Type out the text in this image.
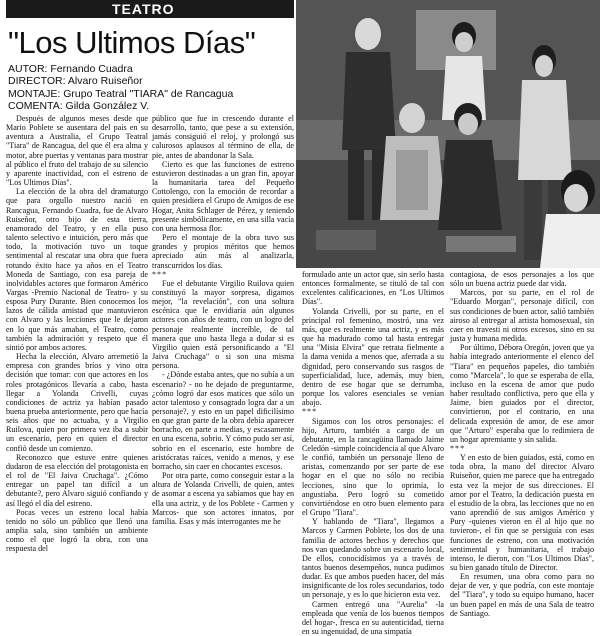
TEATRO
"Los Ultimos Días"
AUTOR: Fernando Cuadra
DIRECTOR: Alvaro Ruiseñor
MONTAJE: Grupo Teatral "TIARA" de Rancagua
COMENTA: Gilda González V.

Después de algunos meses desde que Mario Poblete se ausentara del país en su aventura a Australia, el Grupo Teatral "Tiara" de Rancagua, del que él era alma y motor, abre puertas y ventanas para mostrar al público el fruto del trabajo de su silencio y aparente inactividad, con el estreno de "Los Ultimos Días".

La elección de la obra del dramaturgo que para orgullo nuestro nació en Rancagua, Fernando Cuadra, fue de Alvaro Ruiseñor, otro bijo de esta tierra, enamorado del Teatro, y en ella puso talento selectivo e intuición, pero más que todo, la motivación tuvo un toque sentimental al rescatar una obra que fuera rotundo éxito hace ya años en el Teatro Moneda de Santiago, con esa pareja de inolvidables actores que formaron Américo Vargas -Premio Nacional de Teatro- y su esposa Pury Durante. Bien conocemos los lazos de cálida amistad que mantuvieron con Alvaro y las lecciones que le dejaron en lo que más amaban, el Teatro, como también la admiración y respeto que él sintió por ambos actores.

Hecha la elección, Alvaro arremetió la empresa con grandes bríos y vino otra decisión que tomar: con que actores en los roles protagónicos llevaría a cabo, hasta llegar a Yolanda Crivelli, cuyas condiciones de actriz ya habían pasado buena prueba anteriormente, pero que hacía seis años que no actuaba, y a Virgilio Ruilova, quien por primera vez iba a subir un escenario, pero en quien el director confió desde un comienzo.

Reconozco que estuve entre quienes dudaron de esa elección del protagonista en el rol de "El Jaiva Cruchaga". ¿Cómo entregar un papel tan difícil a un debutante?, pero Alvaro siguió confiando y así llegó el día del estreno.

Pocas veces un estreno local había tenido no sólo un público que llenó una amplia sala, sino también un ambiente como el que logró la obra, con una respuesta del

público que fue in crescendo durante el desarrollo, tanto, que pese a su extensión, jamás consiguió el reloj, y prolongó sus calurosos aplausos al término de ella, de pie, antes de abandonar la Sala.

Cierto es que las funciones de estreno estuvieron destinadas a un gran fin, apoyar la humanitaria tarea del Pequeño Cottolengo, con la emoción de recordar a quien presidiera el Grupo de Amigos de ese Hogar, Anita Schlager de Pérez, y teniendo presente simbólicamente, en una silla vacía con una hermosa flor.

Pero el montaje de la obra tuvo sus grandes y propios méritos que hemos apreciado aún más al analizarla, transcurridos los días.

***

Fue el debutante Virgilio Ruilova quien constituyó la mayor sorpresa, digamos mejor, "la revelación", con una soltura escénica que le envidiaría aún algunos actores con años de teatro, con un logro del personaje realmente increíble, de tal manera que uno hasta llega a dudar si es Virgilio quien está personificando a "El Jaiva Cruchaga" o si son una misma persona.

- ¿Dónde estaba antes, que no subía a un escenario? - no he dejado de preguntarme, ¿cómo logró dar esos matices que sólo un actor talentoso y consagrado logra dar a un personaje?, y esto en un papel dificilísimo en que gran parte de la obra debía aparecer borracho, en parte a medias, y escasamente en una escena, sobrio. Y cómo pudo ser así, sobrio en el escenario, este hombre de aristócratas raíces, venido a menos, y ese borracho, sin caer en chocantes excesos.

Por otra parte, como conseguir estar a la altura de Yolanda Crivelli, de quien, antes de asomar a escena ya sabíamos que hay en ella una actriz, y de los Poblete - Carmen y Marcos- que son actores innatos, por familia. Esas y más interrogantes me he

formulado ante un actor que, sin serlo hasta entonces formalmente, se tituló de tal con excelentes calificaciones, en "Los Ultimos Días".

Yolanda Crivelli, por su parte, en el principal rol femenino, mostró, una vez más, que es realmente una actriz, y es más que ha madurado como tal hasta entregar una "Misia Elvira" que retrata fielmente a la dama venida a menos que, aferrada a su dignidad, pero conservando sus rasgos de superficialidad, luce, además, muy bien, dentro de ese hogar que se derrumba, porque los valores esenciales se venían abajo.

***

Sigamos con los otros personajes: el hijo, Arturo, también a cargo de un debutante, en la rancagüina llamado Jaime Celedón -simple coincidencia al que Alvaro le confió, también un personaje lleno de aristas, comenzando por ser parte de ese hogar en el que no sólo no recibía lecciones, sino que lo oprimía, lo angustiaba. Pero logró su cometido convirtiéndose en otro buen elemento para el Grupo "Tiara".

Y hablando de "Tiara", llegamos a Marcos y Carmen Poblete, los dos de una familia de actores hechos y derechos que nos van quedando sobre un escenario local, De ellos, conocidísimos ya a través de tantos buenos desempeños, nunca pudimos dudar. Es que ambos pueden hacer, del más insignificante de los roles secundarios, todo un personaje, y es lo que hicieron esta vez.

Carmen entregó una "Aurelia" -la empleada que venía de los buenos tiempos del hogar-, fresca en su autenticidad, tierna en su ingenuidad, de una simpatía

contagiosa, de esos personajes a los que sólo un buena actriz puede dar vida.

Marcos, por su parte, en el rol de "Eduardo Morgan", personaje difícil, con sus condiciones de buen actor, salió también airoso al entregar al artista homosexual, sin caer en travesti ni otros excesos, sino en su justa y humana medida.

Por último, Débora Oregón, joven que ya había integrado anteriormente el elenco del "Tiara" en pequeños papeles, dio también como "Marcela", lo que se esperaba de ella, incluso en la escena de amor que pudo haber resultado conflictiva, pero que ella y Jaime, bien guiados por el director, convirtieron, por el contrario, en una delicada expresión de amor, de ese amor que "Arturo" esperaba que lo redimiera de un hogar apremiante y sin salida.

***

Y en esto de bien guiados, está, como en toda obra, la mano del director Alvaro Ruiseñor, quien me parece que ha entregado esta vez la mejor de sus direcciones. El amor por el Teatro, la dedicación puesta en el estudio de la obra, las lecciones que no en vano aprendió de sus amigos Américo y Pury -quienes vieron en él al hijo que no tuvieron-, el fin que se persiguía con esas funciones de estreno, con una motivación sentimental y humanitaria, el trabajo intenso, le dieron, con "Los Ultimos Días", su bien ganado título de Director.

En resumen, una obra como para no dejar de ver, y que podría, con este montaje del "Tiara", y todo su equipo humano, hacer un buen papel en más de una Sala de teatro de Santiago.
